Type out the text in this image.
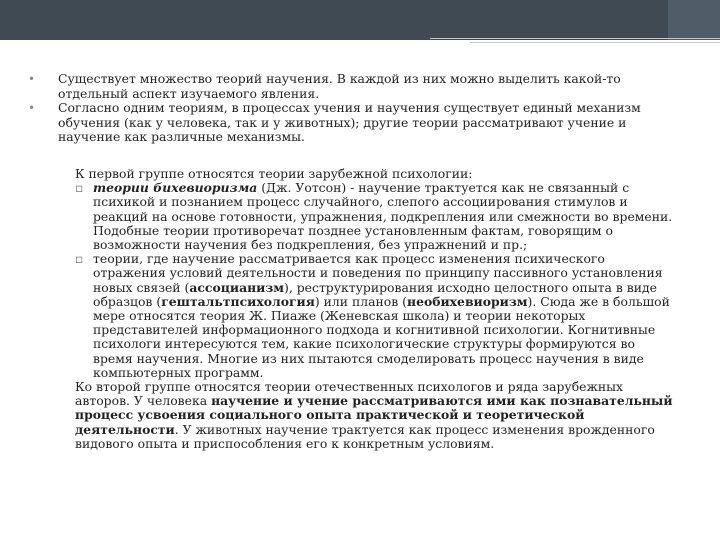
• Существует множество теорий научения. В каждой из них можно выделить какой-то отдельный аспект изучаемого явления.
• Согласно одним теориям, в процессах учения и научения существует единый механизм обучения (как у человека, так и у животных); другие теории рассматривают учение и научение как различные механизмы.

К первой группе относятся теории зарубежной психологии:

▫ теории бихевиоризма (Дж. Уотсон) - научение трактуется как не связанный с психикой и познанием процесс случайного, слепого ассоциирования стимулов и реакций на основе готовности, упражнения, подкрепления или смежности во времени. Подобные теории противоречат позднее установленным фактам, говорящим о возможности научения без подкрепления, без упражнений и пр.;

▫ теории, где научение рассматривается как процесс изменения психического отражения условий деятельности и поведения по принципу пассивного установления новых связей (ассоцианизм), реструктурирования исходно целостного опыта в виде образцов (гештальтпсихология) или планов (необихевиоризм). Сюда же в большой мере относятся теория Ж. Пиаже (Женевская школа) и теории некоторых представителей информационного подхода и когнитивной психологии. Когнитивные психологи интересуются тем, какие психологические структуры формируются во время научения. Многие из них пытаются смоделировать процесс научения в виде компьютерных программ.

Ко второй группе относятся теории отечественных психологов и ряда зарубежных авторов. У человека научение и учение рассматриваются ими как познавательный процесс усвоения социального опыта практической и теоретической деятельности. У животных научение трактуется как процесс изменения врожденного видового опыта и приспособления его к конкретным условиям.
